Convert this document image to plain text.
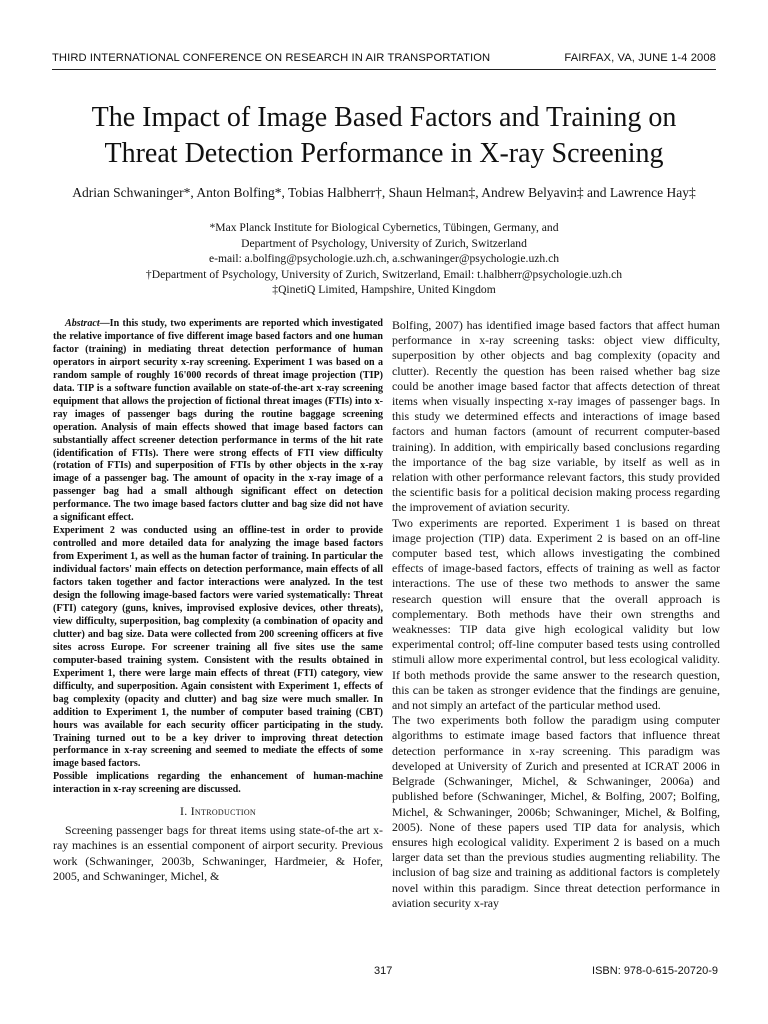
THIRD INTERNATIONAL CONFERENCE ON RESEARCH IN AIR TRANSPORTATION	FAIRFAX, VA, JUNE 1-4 2008
The Impact of Image Based Factors and Training on
Threat Detection Performance in X-ray Screening
Adrian Schwaninger*, Anton Bolfing*, Tobias Halbherr†, Shaun Helman‡, Andrew Belyavin‡ and Lawrence Hay‡
*Max Planck Institute for Biological Cybernetics, Tübingen, Germany, and
Department of Psychology, University of Zurich, Switzerland
e-mail: a.bolfing@psychologie.uzh.ch, a.schwaninger@psychologie.uzh.ch
†Department of Psychology, University of Zurich, Switzerland, Email: t.halbherr@psychologie.uzh.ch
‡QinetiQ Limited, Hampshire, United Kingdom

Abstract—In this study, two experiments are reported which investigated the relative importance of five different image based factors and one human factor (training) in mediating threat detection performance of human operators in airport security x-ray screening. Experiment 1 was based on a random sample of roughly 16'000 records of threat image projection (TIP) data. TIP is a software function available on state-of-the-art x-ray screening equipment that allows the projection of fictional threat images (FTIs) into x-ray images of passenger bags during the routine baggage screening operation. Analysis of main effects showed that image based factors can substantially affect screener detection performance in terms of the hit rate (identification of FTIs). There were strong effects of FTI view difficulty (rotation of FTIs) and superposition of FTIs by other objects in the x-ray image of a passenger bag. The amount of opacity in the x-ray image of a passenger bag had a small although significant effect on detection performance. The two image based factors clutter and bag size did not have a significant effect.

Experiment 2 was conducted using an offline-test in order to provide controlled and more detailed data for analyzing the image based factors from Experiment 1, as well as the human factor of training. In particular the individual factors' main effects on detection performance, main effects of all factors taken together and factor interactions were analyzed. In the test design the following image-based factors were varied systematically: Threat (FTI) category (guns, knives, improvised explosive devices, other threats), view difficulty, superposition, bag complexity (a combination of opacity and clutter) and bag size. Data were collected from 200 screening officers at five sites across Europe. For screener training all five sites use the same computer-based training system. Consistent with the results obtained in Experiment 1, there were large main effects of threat (FTI) category, view difficulty, and superposition. Again consistent with Experiment 1, effects of bag complexity (opacity and clutter) and bag size were much smaller. In addition to Experiment 1, the number of computer based training (CBT) hours was available for each security officer participating in the study. Training turned out to be a key driver to improving threat detection performance in x-ray screening and seemed to mediate the effects of some image based factors.

Possible implications regarding the enhancement of human-machine interaction in x-ray screening are discussed.

I. Introduction

Screening passenger bags for threat items using state-of-the art x-ray machines is an essential component of airport security. Previous work (Schwaninger, 2003b, Schwaninger, Hardmeier, & Hofer, 2005, and Schwaninger, Michel, &

Bolfing, 2007) has identified image based factors that affect human performance in x-ray screening tasks: object view difficulty, superposition by other objects and bag complexity (opacity and clutter). Recently the question has been raised whether bag size could be another image based factor that affects detection of threat items when visually inspecting x-ray images of passenger bags. In this study we determined effects and interactions of image based factors and human factors (amount of recurrent computer-based training). In addition, with empirically based conclusions regarding the importance of the bag size variable, by itself as well as in relation with other performance relevant factors, this study provided the scientific basis for a political decision making process regarding the improvement of aviation security.

Two experiments are reported. Experiment 1 is based on threat image projection (TIP) data. Experiment 2 is based on an off-line computer based test, which allows investigating the combined effects of image-based factors, effects of training as well as factor interactions. The use of these two methods to answer the same research question will ensure that the overall approach is complementary. Both methods have their own strengths and weaknesses: TIP data give high ecological validity but low experimental control; off-line computer based tests using controlled stimuli allow more experimental control, but less ecological validity. If both methods provide the same answer to the research question, this can be taken as stronger evidence that the findings are genuine, and not simply an artefact of the particular method used.

The two experiments both follow the paradigm using computer algorithms to estimate image based factors that influence threat detection performance in x-ray screening. This paradigm was developed at University of Zurich and presented at ICRAT 2006 in Belgrade (Schwaninger, Michel, & Schwaninger, 2006a) and published before (Schwaninger, Michel, & Bolfing, 2007; Bolfing, Michel, & Schwaninger, 2006b; Schwaninger, Michel, & Bolfing, 2005). None of these papers used TIP data for analysis, which ensures high ecological validity. Experiment 2 is based on a much larger data set than the previous studies augmenting reliability. The inclusion of bag size and training as additional factors is completely novel within this paradigm. Since threat detection performance in aviation security x-ray

317	ISBN: 978-0-615-20720-9
